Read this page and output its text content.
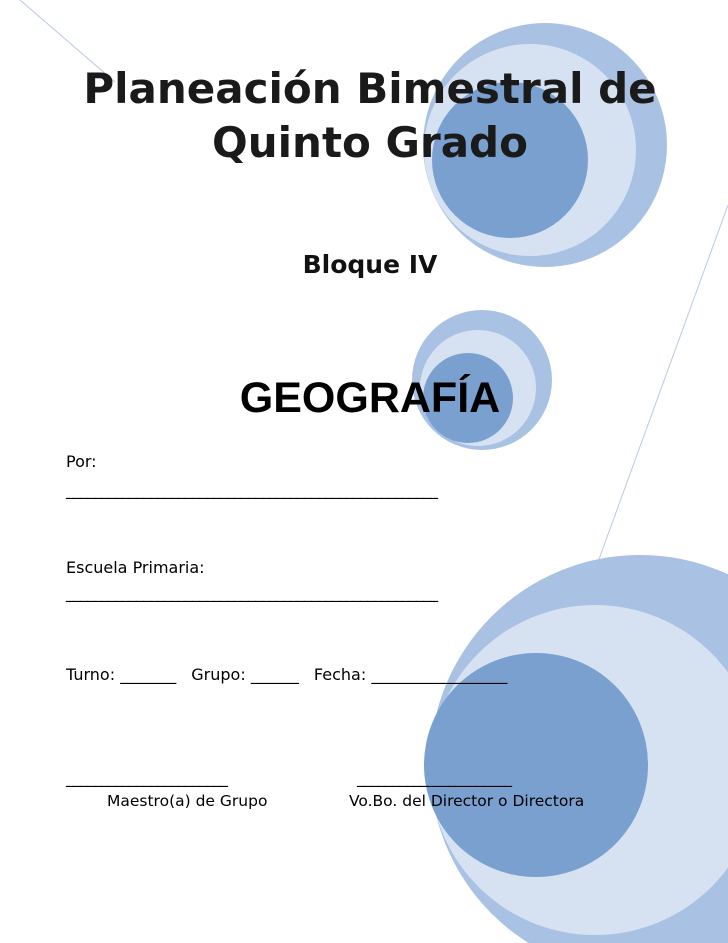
Planeación Bimestral de
Quinto Grado
Bloque IV
GEOGRAFÍA
Por:
_____________________________________________________
Escuela Primaria:
_____________________________________________________
Turno: _______ Grupo: ______ Fecha: _________________
_______________________
Maestro(a) de Grupo
______________________
Vo.Bo. del Director o Directora
